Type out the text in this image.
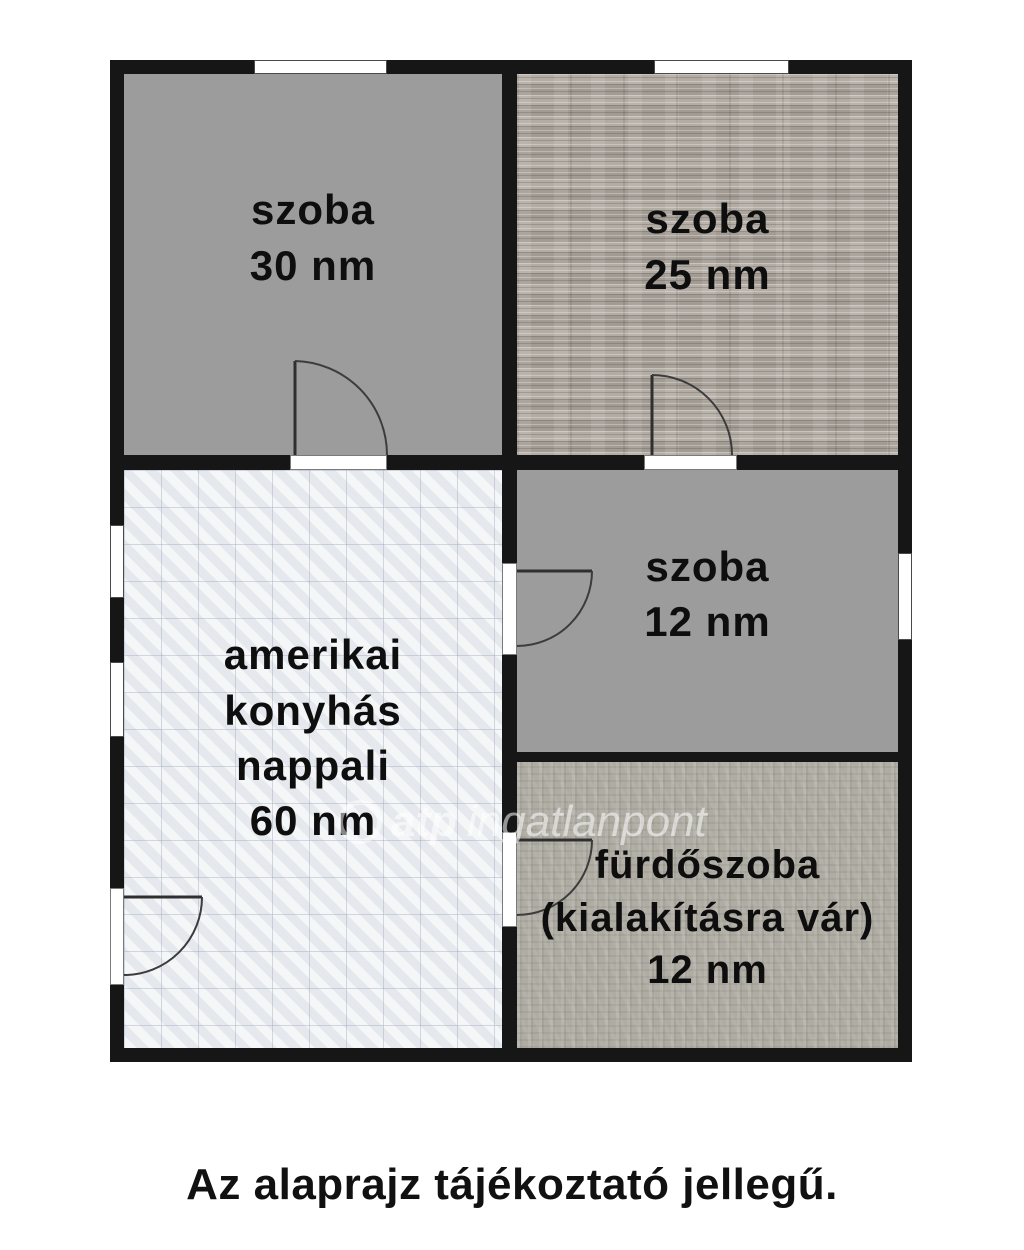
szoba
30 nm
szoba
25 nm
szoba
12 nm
amerikai
konyhás
nappali
60 nm
fürdőszoba
(kialakításra vár)
12 nm
atp ingatlanpont
Az alaprajz tájékoztató jellegű.
